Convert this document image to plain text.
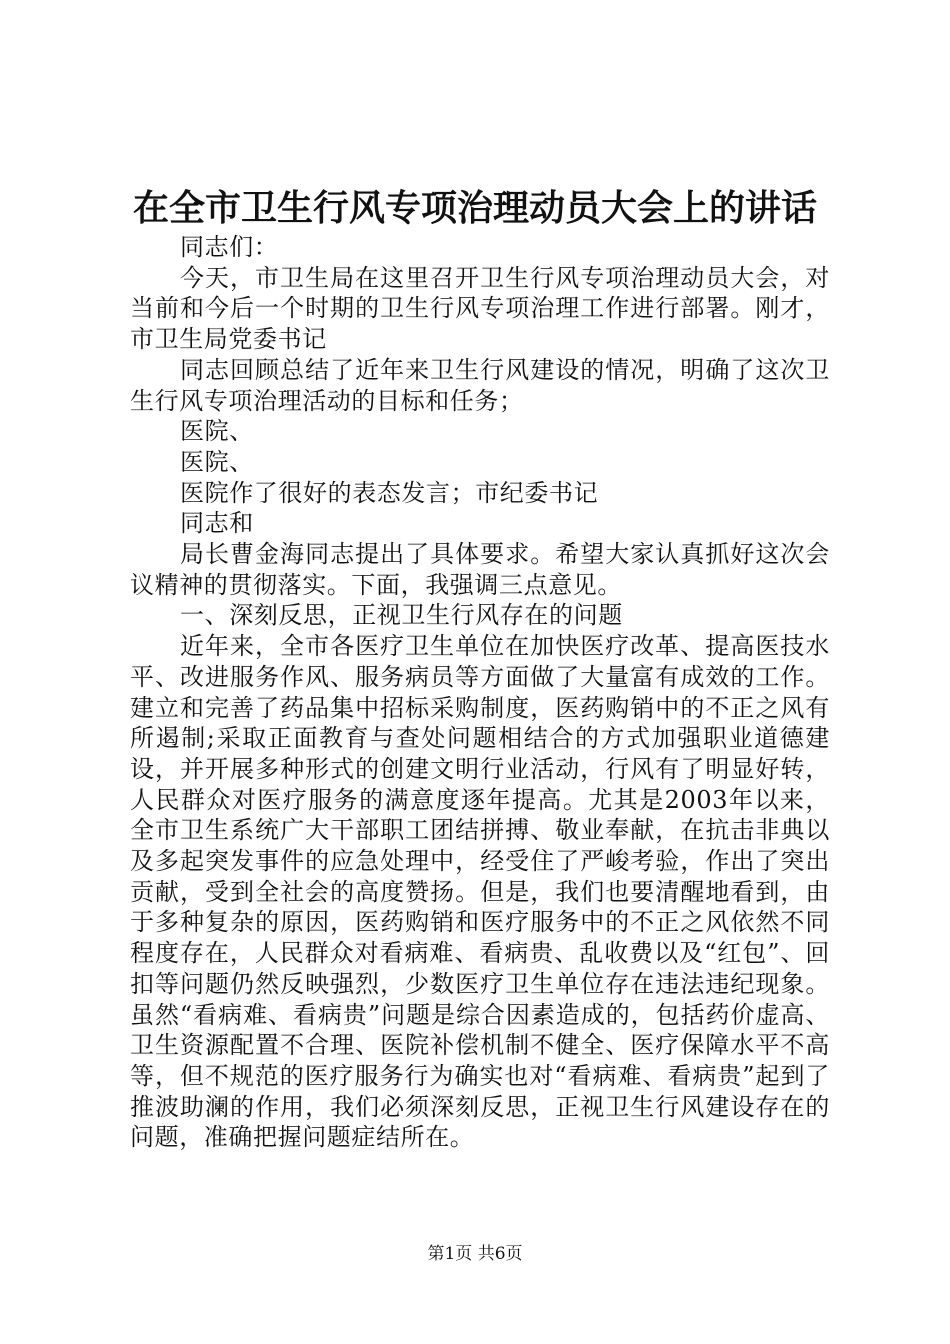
在全市卫生行风专项治理动员大会上的讲话

同志们：

今天，市卫生局在这里召开卫生行风专项治理动员大会，对当前和今后一个时期的卫生行风专项治理工作进行部署。刚才，市卫生局党委书记

同志回顾总结了近年来卫生行风建设的情况，明确了这次卫生行风专项治理活动的目标和任务；

医院、

医院、

医院作了很好的表态发言；市纪委书记

同志和

局长曹金海同志提出了具体要求。希望大家认真抓好这次会议精神的贯彻落实。下面，我强调三点意见。

一、深刻反思，正视卫生行风存在的问题

近年来，全市各医疗卫生单位在加快医疗改革、提高医技水平、改进服务作风、服务病员等方面做了大量富有成效的工作。建立和完善了药品集中招标采购制度，医药购销中的不正之风有所遏制;采取正面教育与查处问题相结合的方式加强职业道德建设，并开展多种形式的创建文明行业活动，行风有了明显好转，人民群众对医疗服务的满意度逐年提高。尤其是2003年以来，全市卫生系统广大干部职工团结拼搏、敬业奉献，在抗击非典以及多起突发事件的应急处理中，经受住了严峻考验，作出了突出贡献，受到全社会的高度赞扬。但是，我们也要清醒地看到，由于多种复杂的原因，医药购销和医疗服务中的不正之风依然不同程度存在，人民群众对看病难、看病贵、乱收费以及“红包”、回扣等问题仍然反映强烈，少数医疗卫生单位存在违法违纪现象。虽然“看病难、看病贵”问题是综合因素造成的，包括药价虚高、卫生资源配置不合理、医院补偿机制不健全、医疗保障水平不高等，但不规范的医疗服务行为确实也对“看病难、看病贵”起到了推波助澜的作用，我们必须深刻反思，正视卫生行风建设存在的问题，准确把握问题症结所在。

第1页 共6页
